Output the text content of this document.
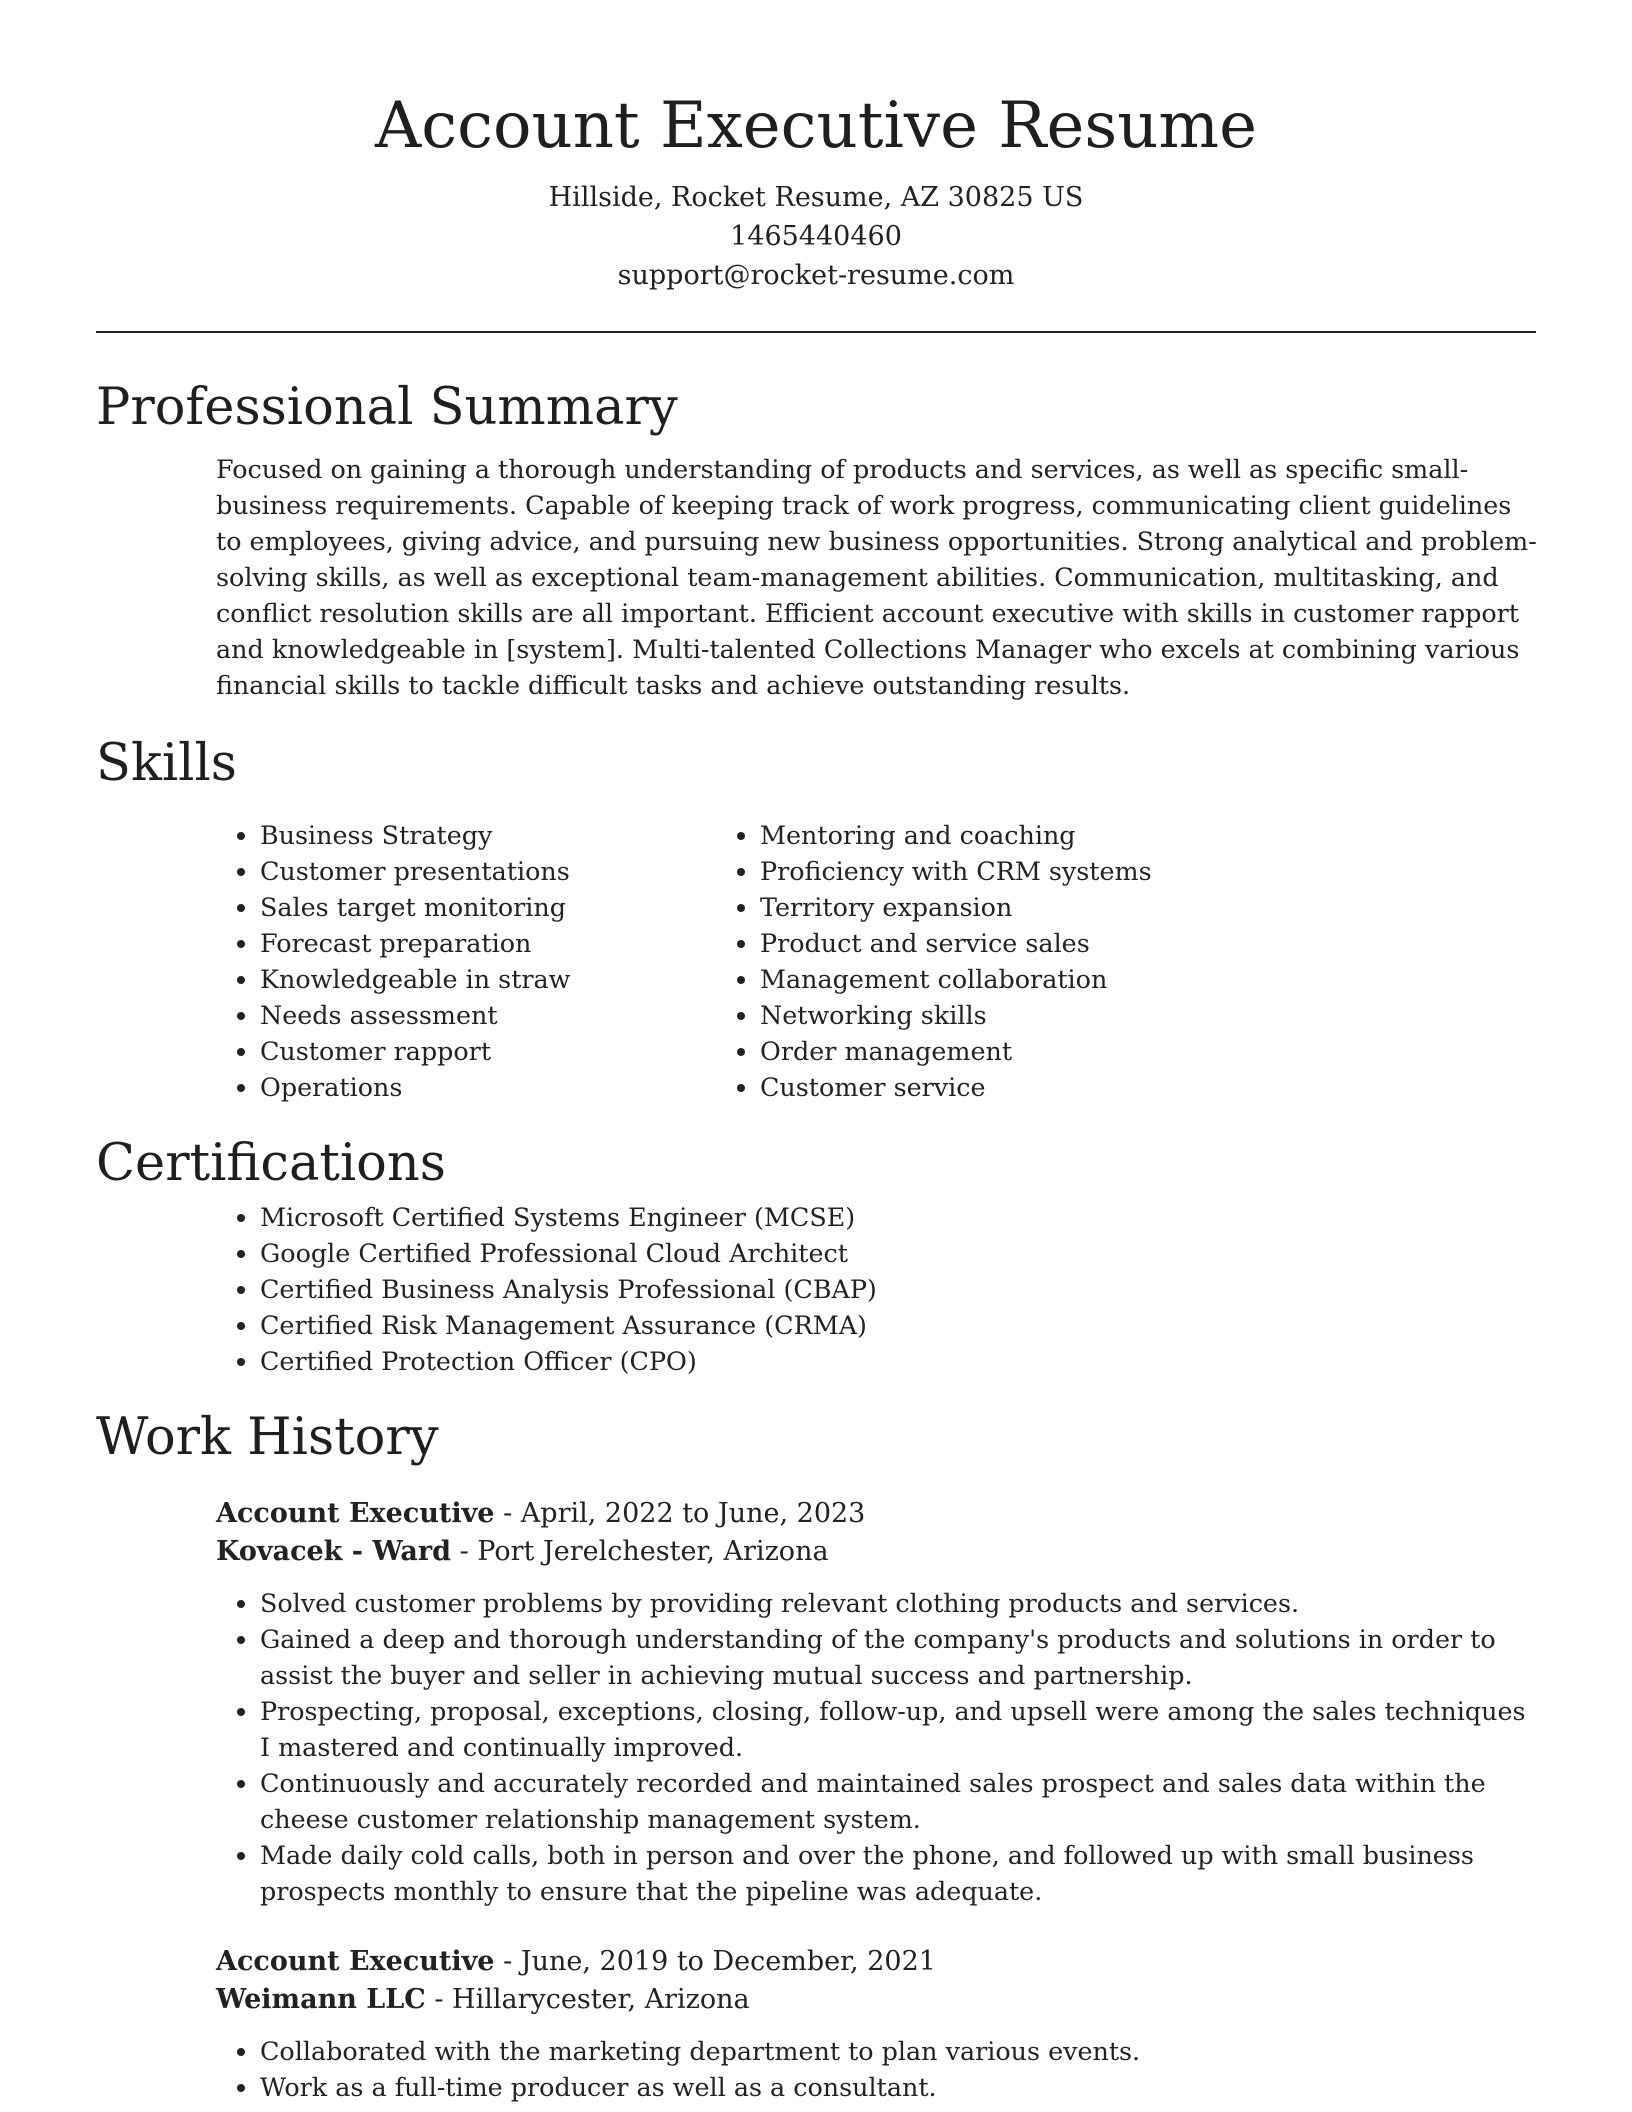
Account Executive Resume

Hillside, Rocket Resume, AZ 30825 US

1465440460

support@rocket-resume.com

Professional Summary

Focused on gaining a thorough understanding of products and services, as well as specific small-business requirements. Capable of keeping track of work progress, communicating client guidelines to employees, giving advice, and pursuing new business opportunities. Strong analytical and problem-solving skills, as well as exceptional team-management abilities. Communication, multitasking, and conflict resolution skills are all important. Efficient account executive with skills in customer rapport and knowledgeable in [system]. Multi-talented Collections Manager who excels at combining various financial skills to tackle difficult tasks and achieve outstanding results.

Skills
• Business Strategy
• Customer presentations
• Sales target monitoring
• Forecast preparation
• Knowledgeable in straw
• Needs assessment
• Customer rapport
• Operations
• Mentoring and coaching
• Proficiency with CRM systems
• Territory expansion
• Product and service sales
• Management collaboration
• Networking skills
• Order management
• Customer service
Certifications
• Microsoft Certified Systems Engineer (MCSE)
• Google Certified Professional Cloud Architect
• Certified Business Analysis Professional (CBAP)
• Certified Risk Management Assurance (CRMA)
• Certified Protection Officer (CPO)
Work History

Account Executive - April, 2022 to June, 2023

Kovacek - Ward - Port Jerelchester, Arizona

• Solved customer problems by providing relevant clothing products and services.
• Gained a deep and thorough understanding of the company's products and solutions in order to assist the buyer and seller in achieving mutual success and partnership.
• Prospecting, proposal, exceptions, closing, follow-up, and upsell were among the sales techniques I mastered and continually improved.
• Continuously and accurately recorded and maintained sales prospect and sales data within the cheese customer relationship management system.
• Made daily cold calls, both in person and over the phone, and followed up with small business prospects monthly to ensure that the pipeline was adequate.

Account Executive - June, 2019 to December, 2021

Weimann LLC - Hillarycester, Arizona

• Collaborated with the marketing department to plan various events.
• Work as a full-time producer as well as a consultant.
